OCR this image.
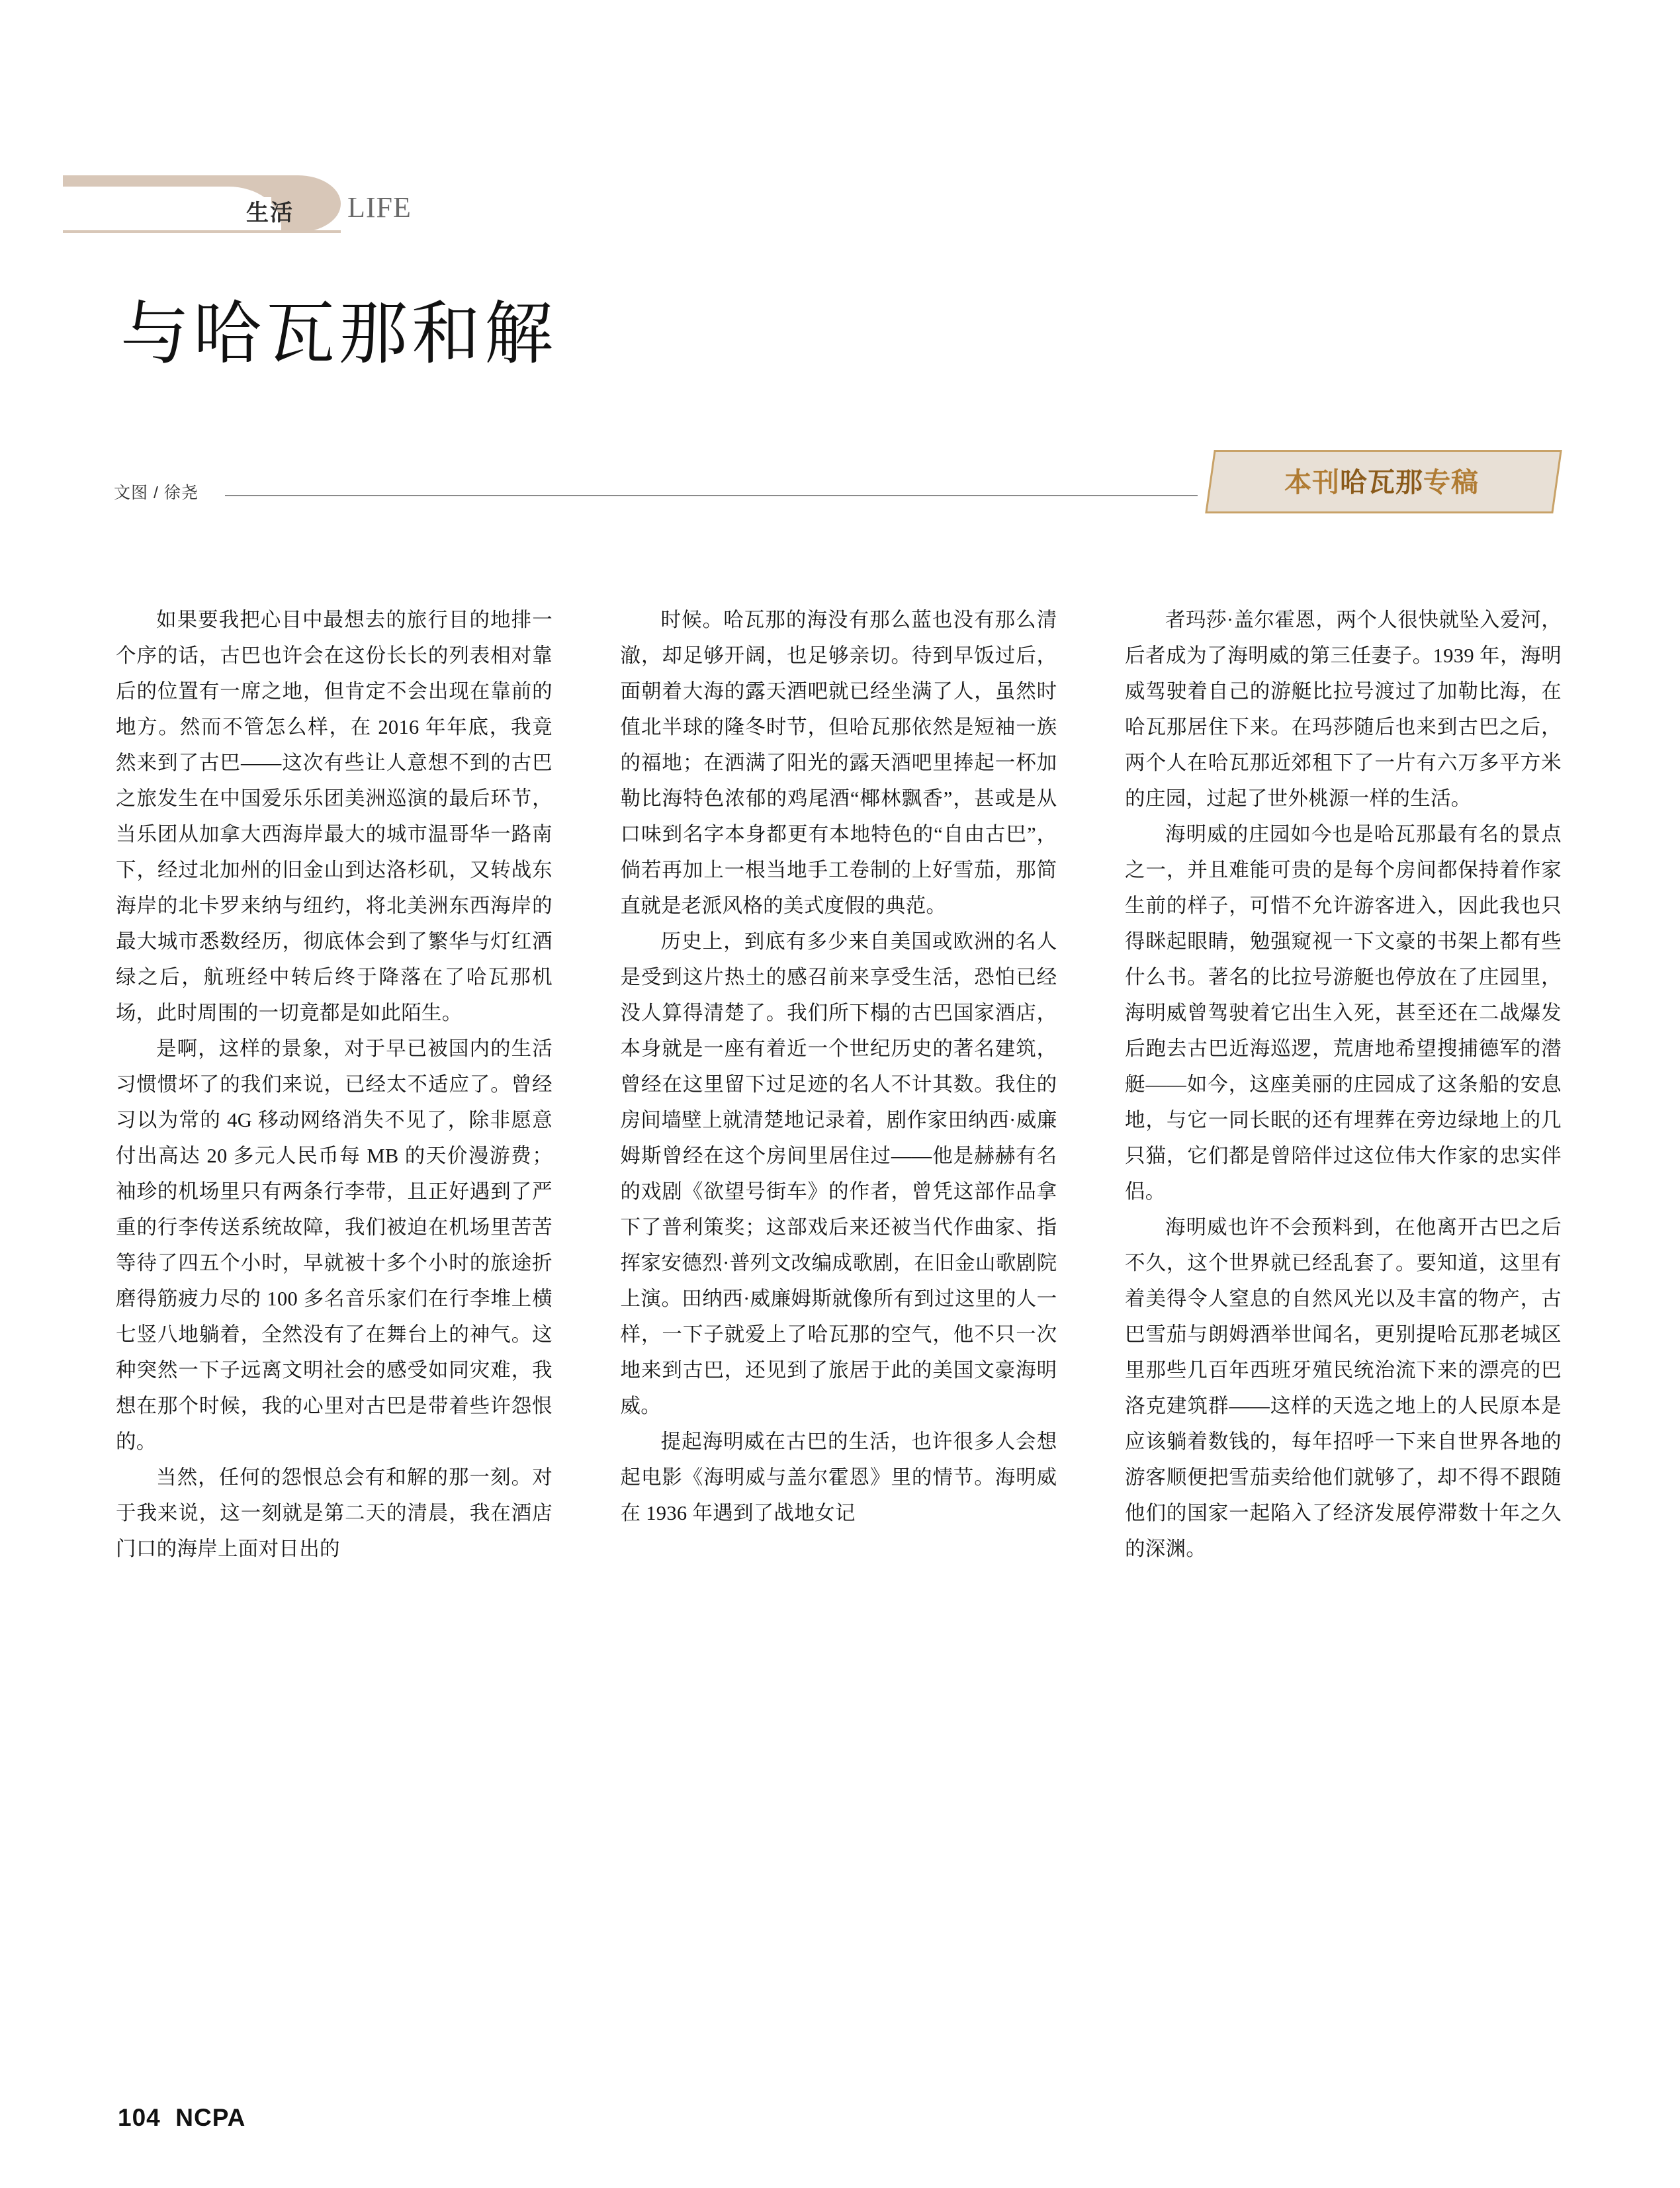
生活 LIFE
与哈瓦那和解
文图 / 徐尧	本刊 哈瓦那 专稿

如果要我把心目中最想去的旅行目的地排一个序的话，古巴也许会在这份长长的列表相对靠后的位置有一席之地，但肯定不会出现在靠前的地方。然而不管怎么样，在 2016 年年底，我竟然来到了古巴——这次有些让人意想不到的古巴之旅发生在中国爱乐乐团美洲巡演的最后环节，当乐团从加拿大西海岸最大的城市温哥华一路南下，经过北加州的旧金山到达洛杉矶，又转战东海岸的北卡罗来纳与纽约，将北美洲东西海岸的最大城市悉数经历，彻底体会到了繁华与灯红酒绿之后，航班经中转后终于降落在了哈瓦那机场，此时周围的一切竟都是如此陌生。

是啊，这样的景象，对于早已被国内的生活习惯惯坏了的我们来说，已经太不适应了。曾经习以为常的 4G 移动网络消失不见了，除非愿意付出高达 20 多元人民币每 MB 的天价漫游费；袖珍的机场里只有两条行李带，且正好遇到了严重的行李传送系统故障，我们被迫在机场里苦苦等待了四五个小时，早就被十多个小时的旅途折磨得筋疲力尽的 100 多名音乐家们在行李堆上横七竖八地躺着，全然没有了在舞台上的神气。这种突然一下子远离文明社会的感受如同灾难，我想在那个时候，我的心里对古巴是带着些许怨恨的。

当然，任何的怨恨总会有和解的那一刻。对于我来说，这一刻就是第二天的清晨，我在酒店门口的海岸上面对日出的

时候。哈瓦那的海没有那么蓝也没有那么清澈，却足够开阔，也足够亲切。待到早饭过后，面朝着大海的露天酒吧就已经坐满了人，虽然时值北半球的隆冬时节，但哈瓦那依然是短袖一族的福地；在洒满了阳光的露天酒吧里捧起一杯加勒比海特色浓郁的鸡尾酒“椰林飘香”，甚或是从口味到名字本身都更有本地特色的“自由古巴”，倘若再加上一根当地手工卷制的上好雪茄，那简直就是老派风格的美式度假的典范。

历史上，到底有多少来自美国或欧洲的名人是受到这片热土的感召前来享受生活，恐怕已经没人算得清楚了。我们所下榻的古巴国家酒店，本身就是一座有着近一个世纪历史的著名建筑，曾经在这里留下过足迹的名人不计其数。我住的房间墙壁上就清楚地记录着，剧作家田纳西·威廉姆斯曾经在这个房间里居住过——他是赫赫有名的戏剧《欲望号街车》的作者，曾凭这部作品拿下了普利策奖；这部戏后来还被当代作曲家、指挥家安德烈·普列文改编成歌剧，在旧金山歌剧院上演。田纳西·威廉姆斯就像所有到过这里的人一样，一下子就爱上了哈瓦那的空气，他不只一次地来到古巴，还见到了旅居于此的美国文豪海明威。

提起海明威在古巴的生活，也许很多人会想起电影《海明威与盖尔霍恩》里的情节。海明威在 1936 年遇到了战地女记

者玛莎·盖尔霍恩，两个人很快就坠入爱河，后者成为了海明威的第三任妻子。1939 年，海明威驾驶着自己的游艇比拉号渡过了加勒比海，在哈瓦那居住下来。在玛莎随后也来到古巴之后，两个人在哈瓦那近郊租下了一片有六万多平方米的庄园，过起了世外桃源一样的生活。

海明威的庄园如今也是哈瓦那最有名的景点之一，并且难能可贵的是每个房间都保持着作家生前的样子，可惜不允许游客进入，因此我也只得眯起眼睛，勉强窥视一下文豪的书架上都有些什么书。著名的比拉号游艇也停放在了庄园里，海明威曾驾驶着它出生入死，甚至还在二战爆发后跑去古巴近海巡逻，荒唐地希望搜捕德军的潜艇——如今，这座美丽的庄园成了这条船的安息地，与它一同长眠的还有埋葬在旁边绿地上的几只猫，它们都是曾陪伴过这位伟大作家的忠实伴侣。

海明威也许不会预料到，在他离开古巴之后不久，这个世界就已经乱套了。要知道，这里有着美得令人窒息的自然风光以及丰富的物产，古巴雪茄与朗姆酒举世闻名，更别提哈瓦那老城区里那些几百年西班牙殖民统治流下来的漂亮的巴洛克建筑群——这样的天选之地上的人民原本是应该躺着数钱的，每年招呼一下来自世界各地的游客顺便把雪茄卖给他们就够了，却不得不跟随他们的国家一起陷入了经济发展停滞数十年之久的深渊。

104 NCPA
